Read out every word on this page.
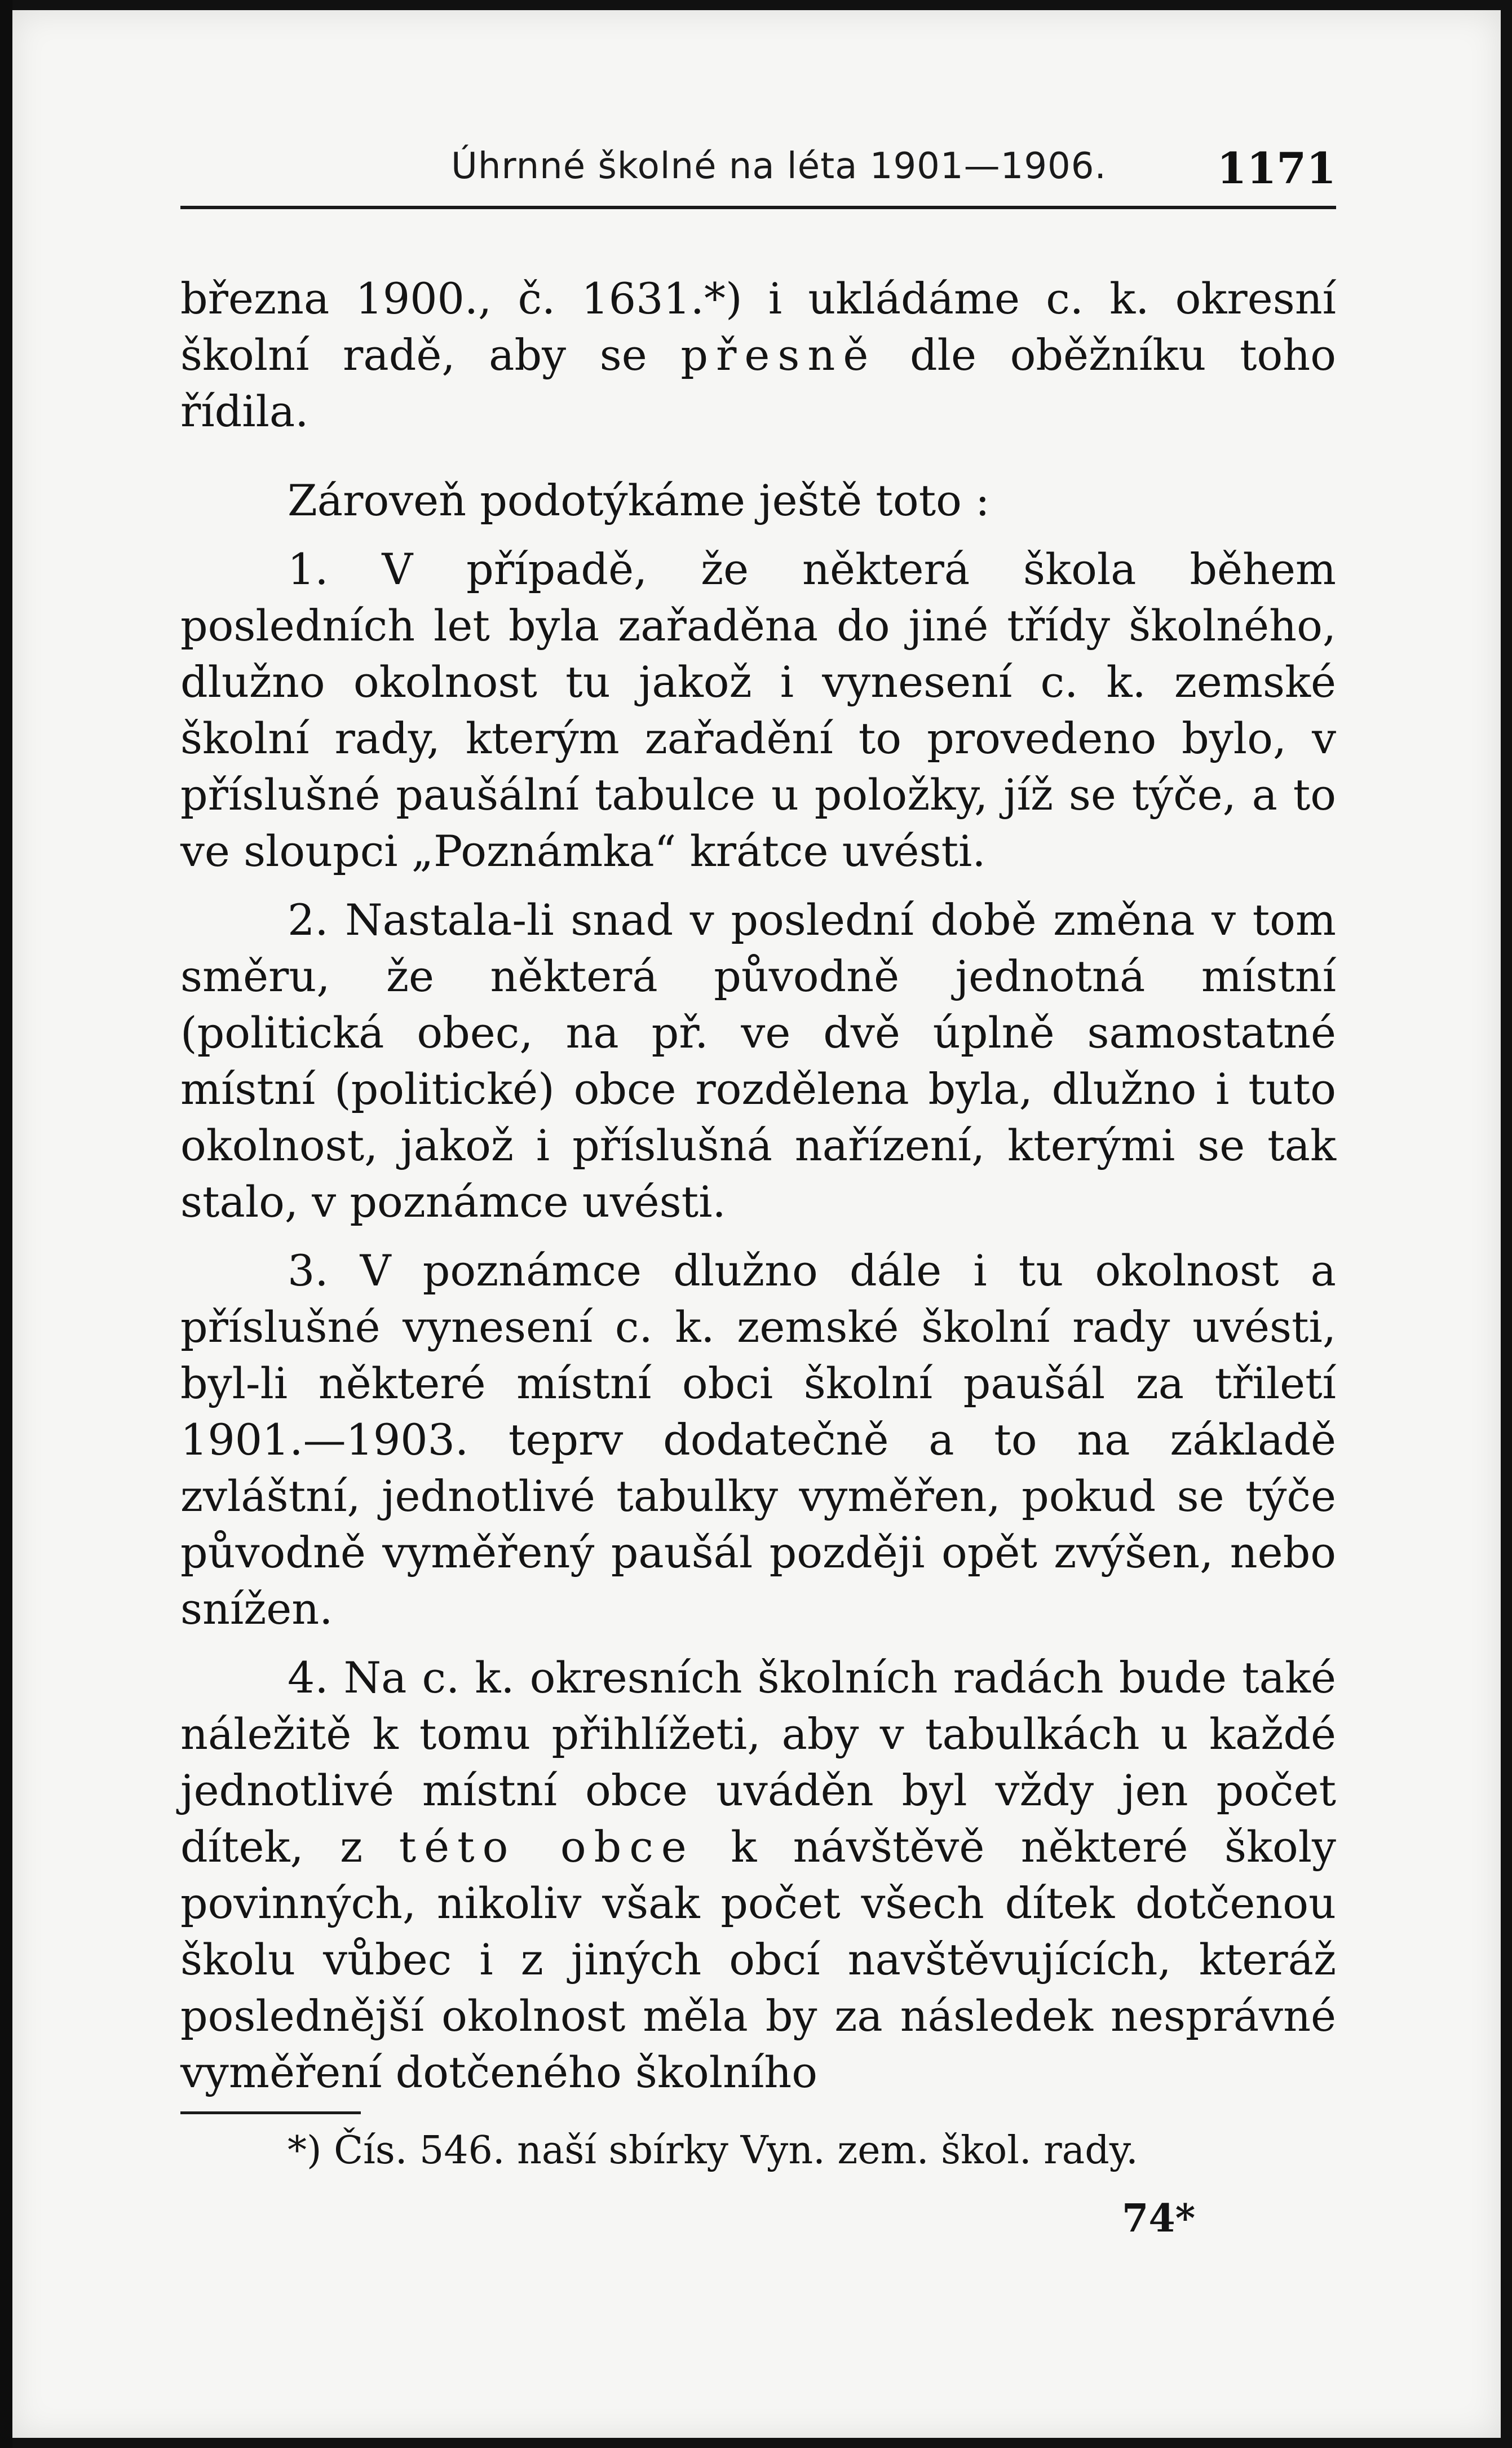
Úhrnné školné na léta 1901—1906.	1171

března 1900., č. 1631.*) i ukládáme c. k. okresní školní radě, aby se přesně dle oběžníku toho řídila.

Zároveň podotýkáme ještě toto :

1. V případě, že některá škola během posledních let byla zařaděna do jiné třídy školného, dlužno okolnost tu jakož i vynesení c. k. zemské školní rady, kterým zařadění to provedeno bylo, v příslušné paušální tabulce u položky, jíž se týče, a to ve sloupci „Poznámka“ krátce uvésti.

2. Nastala-li snad v poslední době změna v tom směru, že některá původně jednotná místní (politická obec, na př. ve dvě úplně samostatné místní (politické) obce rozdělena byla, dlužno i tuto okolnost, jakož i příslušná nařízení, kterými se tak stalo, v poznámce uvésti.

3. V poznámce dlužno dále i tu okolnost a příslušné vynesení c. k. zemské školní rady uvésti, byl-li některé místní obci školní paušál za třiletí 1901.—1903. teprv dodatečně a to na základě zvláštní, jednotlivé tabulky vyměřen, pokud se týče původně vyměřený paušál později opět zvýšen, nebo snížen.

4. Na c. k. okresních školních radách bude také náležitě k tomu přihlížeti, aby v tabulkách u každé jednotlivé místní obce uváděn byl vždy jen počet dítek, z této obce k návštěvě některé školy povinných, nikoliv však počet všech dítek dotčenou školu vůbec i z jiných obcí navštěvujících, kteráž poslednější okolnost měla by za následek nesprávné vyměření dotčeného školního

*) Čís. 546. naší sbírky Vyn. zem. škol. rady.
74*
